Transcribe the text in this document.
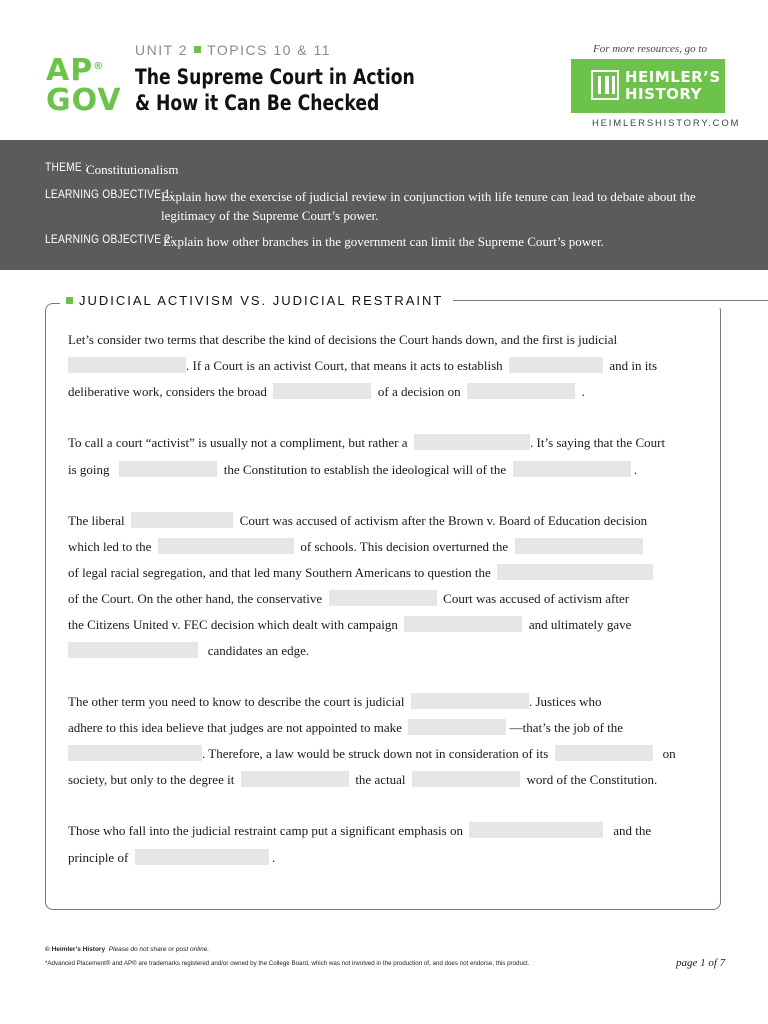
AP®
GOV
UNIT 2 TOPICS 10 & 11
The Supreme Court in Action
& How it Can Be Checked
For more resources, go to
HEIMLER’S
HISTORY
HEIMLERSHISTORY.COM
THEME :
Constitutionalism
LEARNING OBJECTIVE 1:
Explain how the exercise of judicial review in conjunction with life tenure can lead to debate about the legitimacy of the Supreme Court’s power.
LEARNING OBJECTIVE 2:
Explain how other branches in the government can limit the Supreme Court’s power.
JUDICIAL ACTIVISM VS. JUDICIAL RESTRAINT
Let’s consider two terms that describe the kind of decisions the Court hands down, and the first is judicial
. If a Court is an activist Court, that means it acts to establish	and in its
deliberative work, considers the broad	of a decision on	.
To call a court “activist” is usually not a compliment, but rather a	. It’s saying that the Court
is going	the Constitution to establish the ideological will of the	.
The liberal	Court was accused of activism after the Brown v. Board of Education decision
which led to the	of schools. This decision overturned the
of legal racial segregation, and that led many Southern Americans to question the
of the Court. On the other hand, the conservative	Court was accused of activism after
the Citizens United v. FEC decision which dealt with campaign	and ultimately gave
candidates an edge.
The other term you need to know to describe the court is judicial	. Justices who
adhere to this idea believe that judges are not appointed to make	—that’s the job of the
. Therefore, a law would be struck down not in consideration of its	on
society, but only to the degree it	the actual	word of the Constitution.
Those who fall into the judicial restraint camp put a significant emphasis on	and the
principle of	.
© Heimler’s History Please do not share or post online.
*Advanced Placement® and AP® are trademarks registered and/or owned by the College Board, which was not involved in the production of, and does not endorse, this product.	page 1 of 7
